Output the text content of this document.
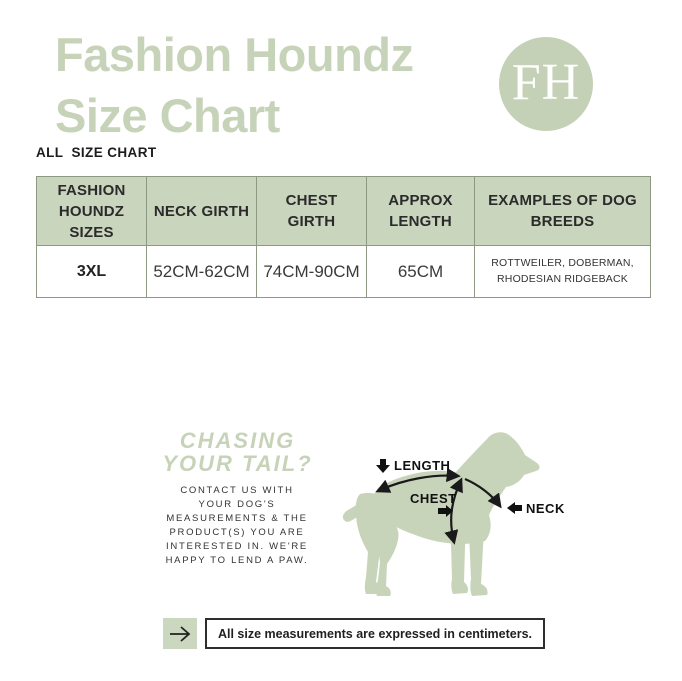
Fashion Houndz Size Chart
FH
ALL  SIZE CHART
FASHION HOUNDZ SIZES	NECK GIRTH	CHEST GIRTH	APPROX LENGTH	EXAMPLES OF DOG BREEDS
3XL	52CM-62CM	74CM-90CM	65CM	ROTTWEILER, DOBERMAN, RHODESIAN RIDGEBACK
CHASING YOUR TAIL?
CONTACT US WITH YOUR DOG'S MEASUREMENTS & THE PRODUCT(S) YOU ARE INTERESTED IN. WE'RE HAPPY TO LEND A PAW.
LENGTH
CHEST
NECK
All size measurements are expressed in centimeters.
